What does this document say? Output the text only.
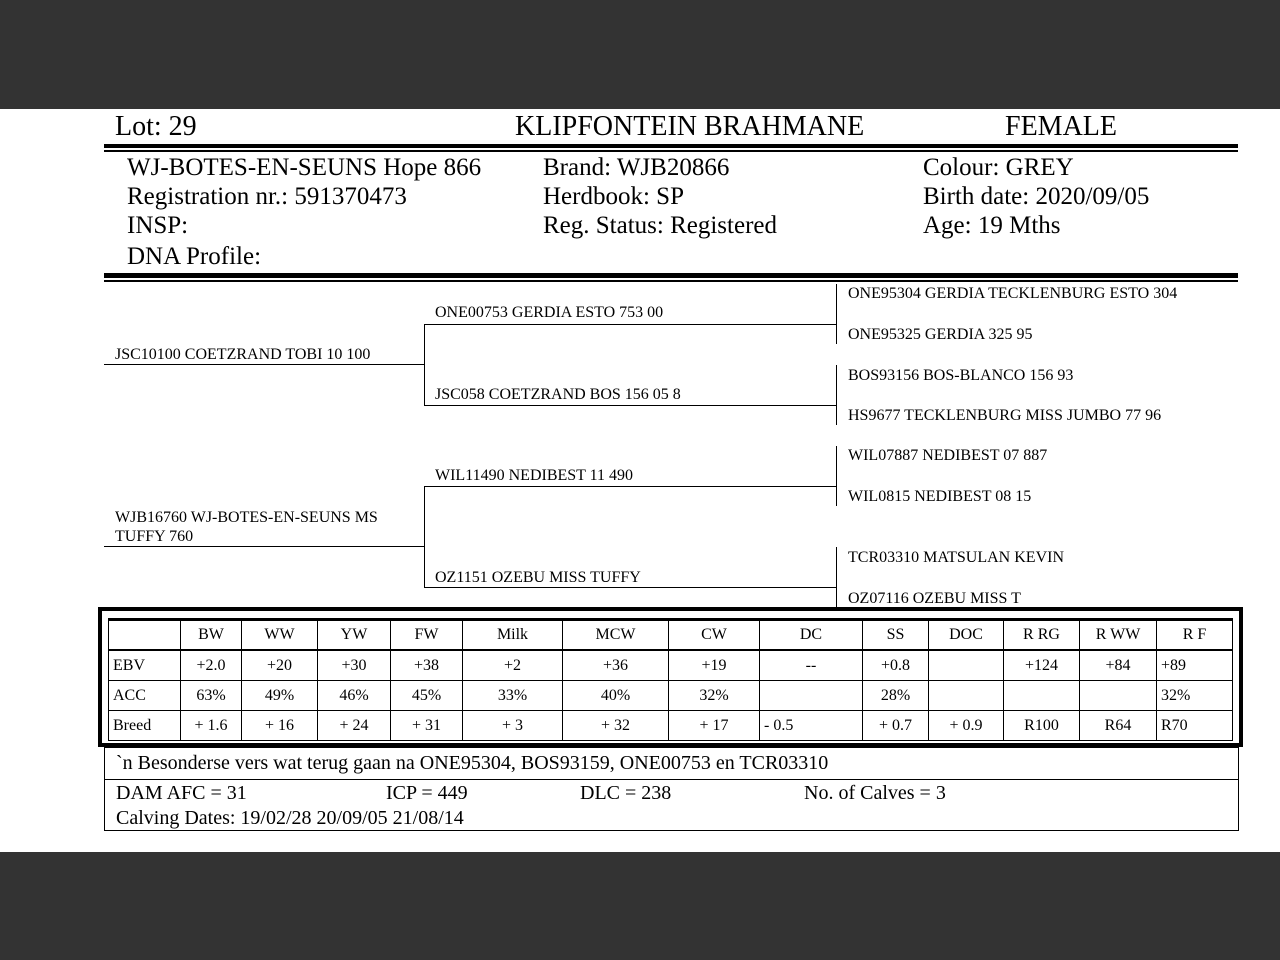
Lot: 29	KLIPFONTEIN BRAHMANE	FEMALE
WJ-BOTES-EN-SEUNS Hope 866
Registration nr.: 591370473
INSP:
DNA Profile:
Brand: WJB20866
Herdbook: SP
Reg. Status: Registered
Colour: GREY
Birth date: 2020/09/05
Age: 19 Mths
JSC10100 COETZRAND TOBI 10 100
WJB16760 WJ-BOTES-EN-SEUNS MS
TUFFY 760
ONE00753 GERDIA ESTO 753 00
JSC058 COETZRAND BOS 156 05 8
WIL11490 NEDIBEST 11 490
OZ1151 OZEBU MISS TUFFY
ONE95304 GERDIA TECKLENBURG ESTO 304
ONE95325 GERDIA 325 95
BOS93156 BOS-BLANCO 156 93
HS9677 TECKLENBURG MISS JUMBO 77 96
WIL07887 NEDIBEST 07 887
WIL0815 NEDIBEST 08 15
TCR03310 MATSULAN KEVIN
OZ07116 OZEBU MISS T
	BW	WW	YW	FW	Milk	MCW	CW	DC	SS	DOC	R RG	R WW	R F
EBV	+2.0	+20	+30	+38	+2	+36	+19	--	+0.8		+124	+84	+89
ACC	63%	49%	46%	45%	33%	40%	32%		28%				32%
Breed	+ 1.6	+ 16	+ 24	+ 31	+ 3	+ 32	+ 17	- 0.5	+ 0.7	+ 0.9	R100	R64	R70
`n Besonderse vers wat terug gaan na ONE95304, BOS93159, ONE00753 en TCR03310
DAM AFC = 31	ICP = 449	DLC = 238	No. of Calves = 3
Calving Dates: 19/02/28 20/09/05 21/08/14
